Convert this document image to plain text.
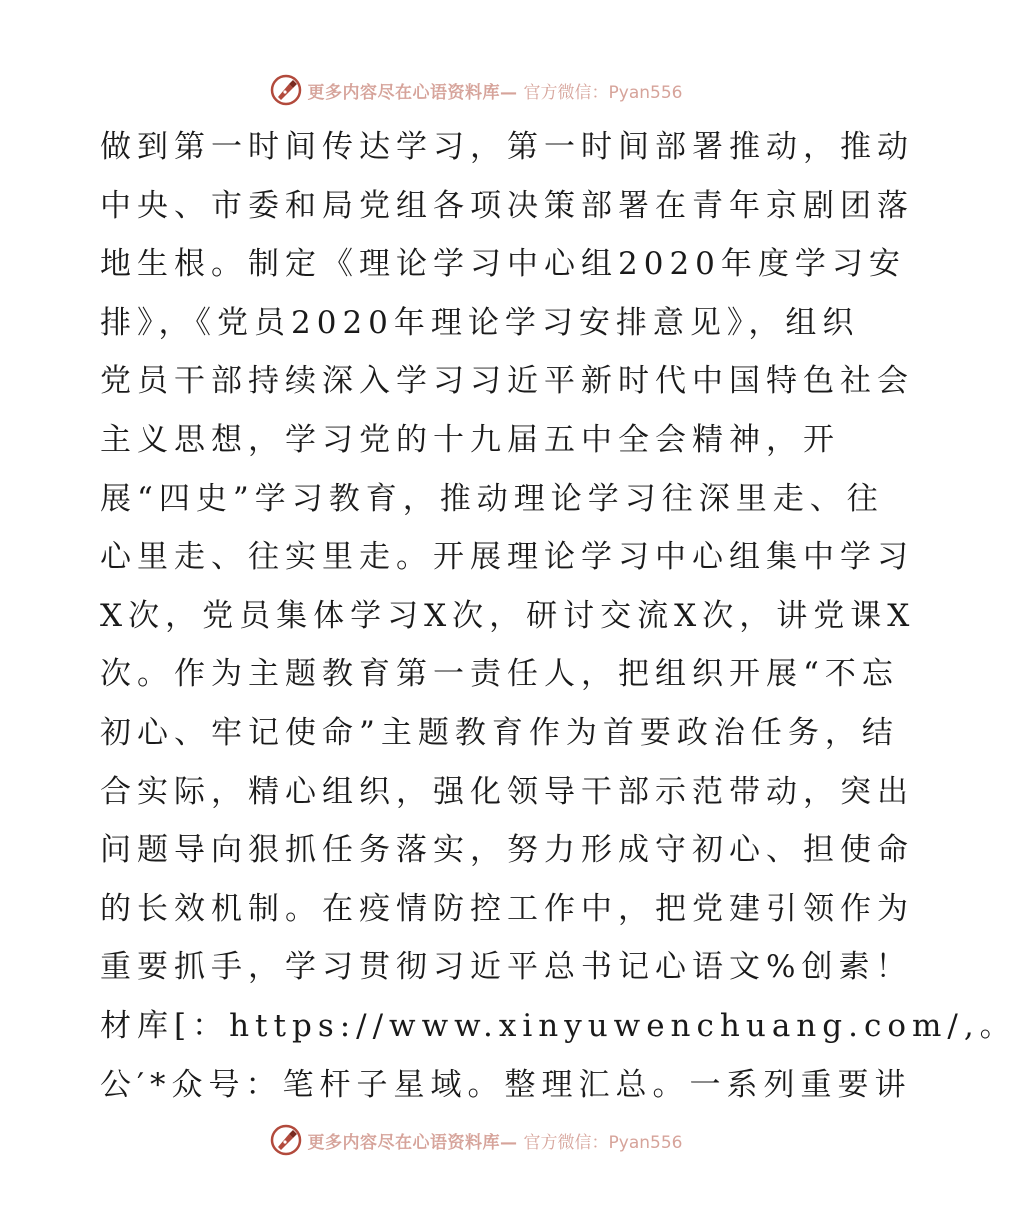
更多内容尽在心语资料库— 官方微信：Pyan556
做到第一时间传达学习，第一时间部署推动，推动
中央、市委和局党组各项决策部署在青年京剧团落
地生根。制定《理论学习中心组2020年度学习安
排》，《党员2020年理论学习安排意见》，组织
党员干部持续深入学习习近平新时代中国特色社会
主义思想，学习党的十九届五中全会精神，开
展“四史”学习教育，推动理论学习往深里走、往
心里走、往实里走。开展理论学习中心组集中学习
X次，党员集体学习X次，研讨交流X次，讲党课X
次。作为主题教育第一责任人，把组织开展“不忘
初心、牢记使命”主题教育作为首要政治任务，结
合实际，精心组织，强化领导干部示范带动，突出
问题导向狠抓任务落实，努力形成守初心、担使命
的长效机制。在疫情防控工作中，把党建引领作为
重要抓手，学习贯彻习近平总书记心语文%创素！
材库[：https://www.xinyuwenchuang.com/,。
公′*众号：笔杆子星域。整理汇总。一系列重要讲
更多内容尽在心语资料库— 官方微信：Pyan556
